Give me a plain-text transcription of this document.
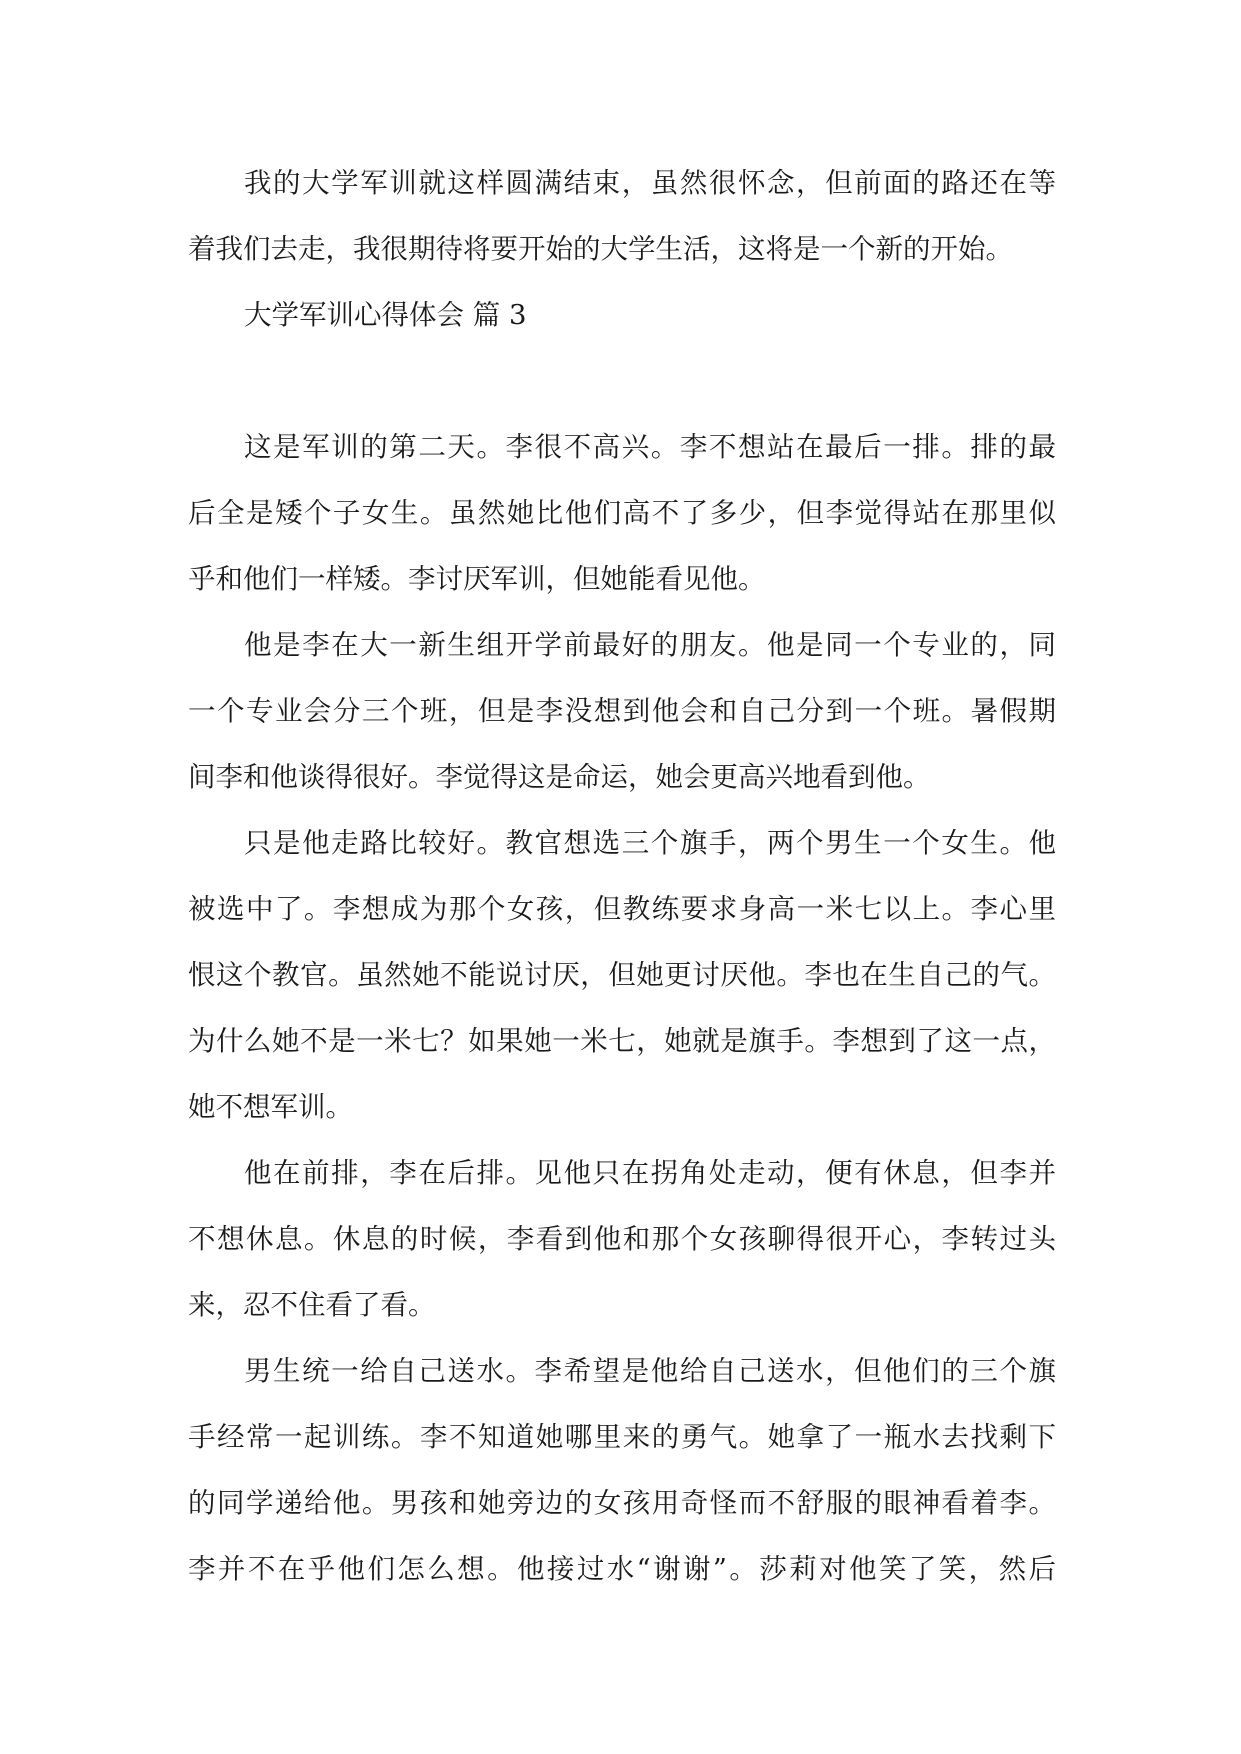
我的大学军训就这样圆满结束，虽然很怀念，但前面的路还在等
着我们去走，我很期待将要开始的大学生活，这将是一个新的开始。
大学军训心得体会 篇 3
这是军训的第二天。李很不高兴。李不想站在最后一排。排的最
后全是矮个子女生。虽然她比他们高不了多少，但李觉得站在那里似
乎和他们一样矮。李讨厌军训，但她能看见他。
他是李在大一新生组开学前最好的朋友。他是同一个专业的，同
一个专业会分三个班，但是李没想到他会和自己分到一个班。暑假期
间李和他谈得很好。李觉得这是命运，她会更高兴地看到他。
只是他走路比较好。教官想选三个旗手，两个男生一个女生。他
被选中了。李想成为那个女孩，但教练要求身高一米七以上。李心里
恨这个教官。虽然她不能说讨厌，但她更讨厌他。李也在生自己的气。
为什么她不是一米七？如果她一米七，她就是旗手。李想到了这一点，
她不想军训。
他在前排，李在后排。见他只在拐角处走动，便有休息，但李并
不想休息。休息的时候，李看到他和那个女孩聊得很开心，李转过头
来，忍不住看了看。
男生统一给自己送水。李希望是他给自己送水，但他们的三个旗
手经常一起训练。李不知道她哪里来的勇气。她拿了一瓶水去找剩下
的同学递给他。男孩和她旁边的女孩用奇怪而不舒服的眼神看着李。
李并不在乎他们怎么想。他接过水“谢谢”。莎莉对他笑了笑，然后
